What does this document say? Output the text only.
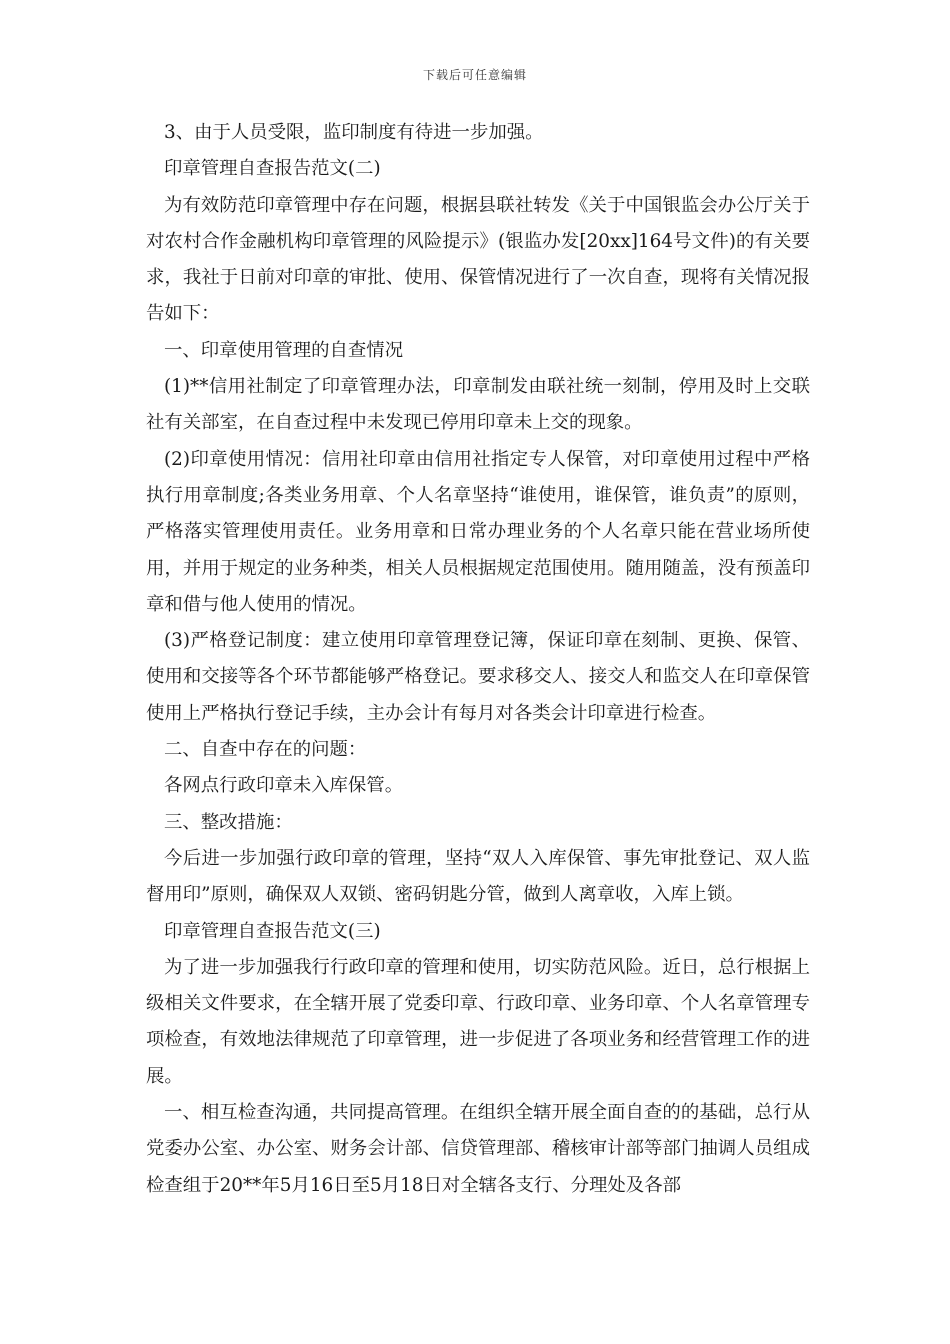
下载后可任意编辑

3、由于人员受限，监印制度有待进一步加强。

印章管理自查报告范文(二)

为有效防范印章管理中存在问题，根据县联社转发《关于中国银监会办公厅关于对农村合作金融机构印章管理的风险提示》(银监办发[20xx]164号文件)的有关要求，我社于日前对印章的审批、使用、保管情况进行了一次自查，现将有关情况报告如下：

一、印章使用管理的自查情况

(1)**信用社制定了印章管理办法，印章制发由联社统一刻制，停用及时上交联社有关部室，在自查过程中未发现已停用印章未上交的现象。

(2)印章使用情况：信用社印章由信用社指定专人保管，对印章使用过程中严格执行用章制度;各类业务用章、个人名章坚持“谁使用，谁保管，谁负责”的原则，严格落实管理使用责任。业务用章和日常办理业务的个人名章只能在营业场所使用，并用于规定的业务种类，相关人员根据规定范围使用。随用随盖，没有预盖印章和借与他人使用的情况。

(3)严格登记制度：建立使用印章管理登记簿，保证印章在刻制、更换、保管、使用和交接等各个环节都能够严格登记。要求移交人、接交人和监交人在印章保管使用上严格执行登记手续，主办会计有每月对各类会计印章进行检查。

二、自查中存在的问题：

各网点行政印章未入库保管。

三、整改措施：

今后进一步加强行政印章的管理，坚持“双人入库保管、事先审批登记、双人监督用印”原则，确保双人双锁、密码钥匙分管，做到人离章收，入库上锁。

印章管理自查报告范文(三)

为了进一步加强我行行政印章的管理和使用，切实防范风险。近日，总行根据上级相关文件要求，在全辖开展了党委印章、行政印章、业务印章、个人名章管理专项检查，有效地法律规范了印章管理，进一步促进了各项业务和经营管理工作的进展。

一、相互检查沟通，共同提高管理。在组织全辖开展全面自查的的基础，总行从党委办公室、办公室、财务会计部、信贷管理部、稽核审计部等部门抽调人员组成检查组于20**年5月16日至5月18日对全辖各支行、分理处及各部
